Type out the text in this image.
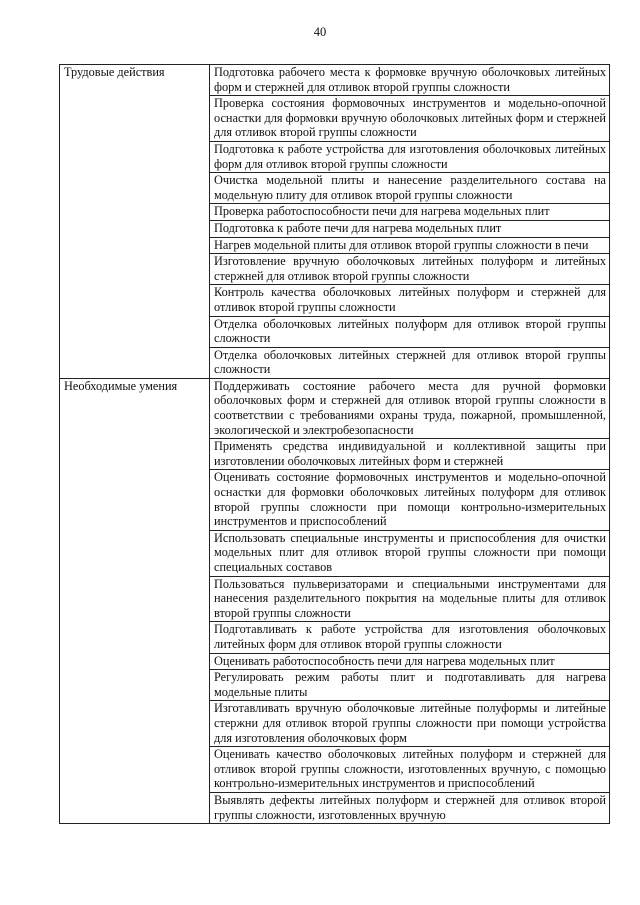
40
Трудовые действия	Подготовка рабочего места к формовке вручную оболочковых литейных форм и стержней для отливок второй группы сложности
	Проверка состояния формовочных инструментов и модельно-опочной оснастки для формовки вручную оболочковых литейных форм и стержней для отливок второй группы сложности
	Подготовка к работе устройства для изготовления оболочковых литейных форм для отливок второй группы сложности
	Очистка модельной плиты и нанесение разделительного состава на модельную плиту для отливок второй группы сложности
	Проверка работоспособности печи для нагрева модельных плит
	Подготовка к работе печи для нагрева модельных плит
	Нагрев модельной плиты для отливок второй группы сложности в печи
	Изготовление вручную оболочковых литейных полуформ и литейных стержней для отливок второй группы сложности
	Контроль качества оболочковых литейных полуформ и стержней для отливок второй группы сложности
	Отделка оболочковых литейных полуформ для отливок второй группы сложности
	Отделка оболочковых литейных стержней для отливок второй группы сложности
Необходимые умения	Поддерживать состояние рабочего места для ручной формовки оболочковых форм и стержней для отливок второй группы сложности в соответствии с требованиями охраны труда, пожарной, промышленной, экологической и электробезопасности
	Применять средства индивидуальной и коллективной защиты при изготовлении оболочковых литейных форм и стержней
	Оценивать состояние формовочных инструментов и модельно-опочной оснастки для формовки оболочковых литейных полуформ для отливок второй группы сложности при помощи контрольно-измерительных инструментов и приспособлений
	Использовать специальные инструменты и приспособления для очистки модельных плит для отливок второй группы сложности при помощи специальных составов
	Пользоваться пульверизаторами и специальными инструментами для нанесения разделительного покрытия на модельные плиты для отливок второй группы сложности
	Подготавливать к работе устройства для изготовления оболочковых литейных форм для отливок второй группы сложности
	Оценивать работоспособность печи для нагрева модельных плит
	Регулировать режим работы плит и подготавливать для нагрева модельные плиты
	Изготавливать вручную оболочковые литейные полуформы и литейные стержни для отливок второй группы сложности при помощи устройства для изготовления оболочковых форм
	Оценивать качество оболочковых литейных полуформ и стержней для отливок второй группы сложности, изготовленных вручную, с помощью контрольно-измерительных инструментов и приспособлений
	Выявлять дефекты литейных полуформ и стержней для отливок второй группы сложности, изготовленных вручную
